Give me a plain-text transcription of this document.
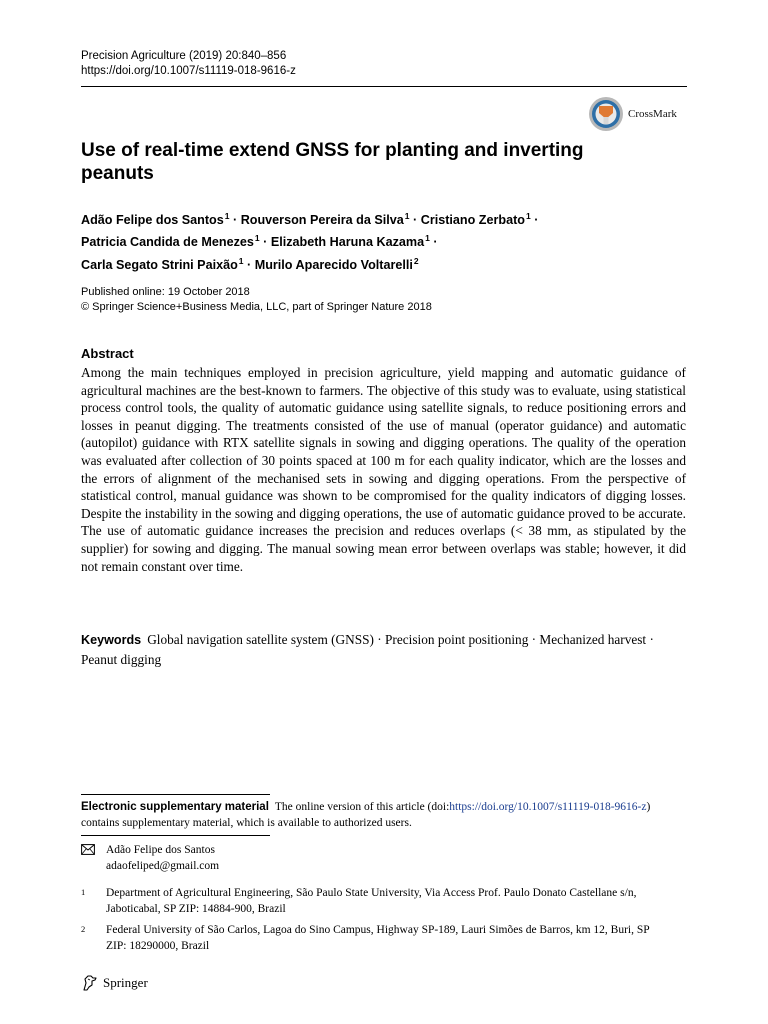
Precision Agriculture (2019) 20:840–856
https://doi.org/10.1007/s11119-018-9616-z
CrossMark
Use of real-time extend GNSS for planting and inverting peanuts
Adão Felipe dos Santos$^1$ · Rouverson Pereira da Silva$^1$ · Cristiano Zerbato$^1$ ·
Patricia Candida de Menezes$^1$ · Elizabeth Haruna Kazama$^1$ ·
Carla Segato Strini Paixão$^1$ · Murilo Aparecido Voltarelli$^2$
Published online: 19 October 2018
© Springer Science+Business Media, LLC, part of Springer Nature 2018
Abstract

Among the main techniques employed in precision agriculture, yield mapping and automatic guidance of agricultural machines are the best-known to farmers. The objective of this study was to evaluate, using statistical process control tools, the quality of automatic guidance using satellite signals, to reduce positioning errors and losses in peanut digging. The treatments consisted of the use of manual (operator guidance) and automatic (autopilot) guidance with RTX satellite signals in sowing and digging operations. The quality of the operation was evaluated after collection of 30 points spaced at 100 m for each quality indicator, which are the losses and the errors of alignment of the mechanised sets in sowing and digging operations. From the perspective of statistical control, manual guidance was shown to be compromised for the quality indicators of digging losses. Despite the instability in the sowing and digging operations, the use of automatic guidance proved to be accurate. The use of automatic guidance increases the precision and reduces overlaps (< 38 mm, as stipulated by the supplier) for sowing and digging. The manual sowing mean error between overlaps was stable; however, it did not remain constant over time.

Keywords Global navigation satellite system (GNSS) · Precision point positioning · Mechanized harvest · Peanut digging
Electronic supplementary material The online version of this article (doi:https://doi.org/10.1007/s11119-018-9616-z) contains supplementary material, which is available to authorized users.
Adão Felipe dos Santos
adaofeliped@gmail.com
1 Department of Agricultural Engineering, São Paulo State University, Via Access Prof. Paulo Donato Castellane s/n, Jaboticabal, SP ZIP: 14884-900, Brazil
2 Federal University of São Carlos, Lagoa do Sino Campus, Highway SP-189, Lauri Simões de Barros, km 12, Buri, SP ZIP: 18290000, Brazil
Springer
